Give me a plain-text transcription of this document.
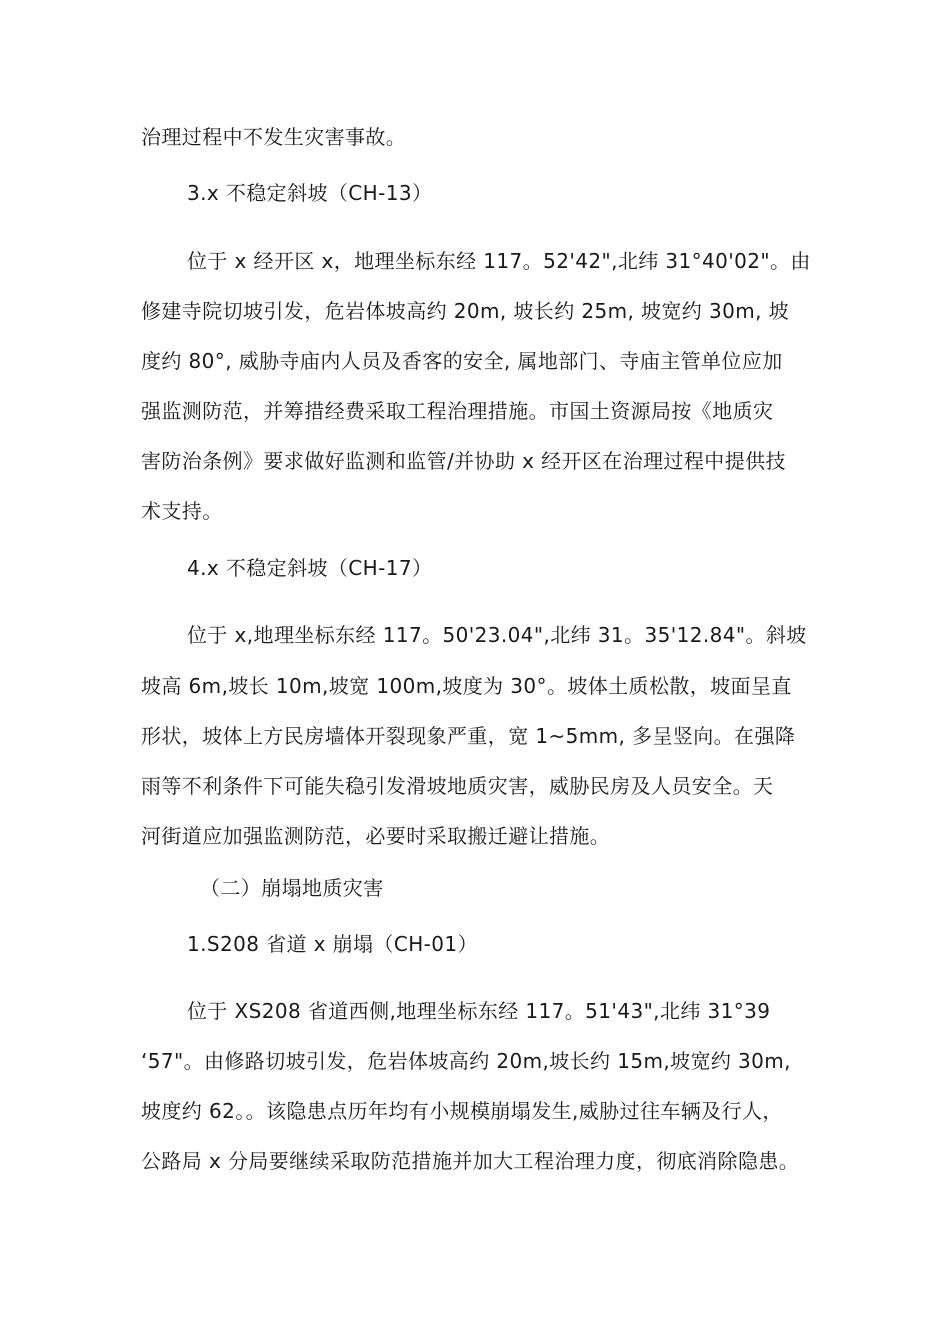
治理过程中不发生灾害事故。
3.x 不稳定斜坡（CH-13）
位于 x 经开区 x，地理坐标东经 117。52'42",北纬 31°40'02"。由
修建寺院切坡引发，危岩体坡高约 20m, 坡长约 25m, 坡宽约 30m, 坡
度约 80°, 威胁寺庙内人员及香客的安全, 属地部门、寺庙主管单位应加
强监测防范，并筹措经费采取工程治理措施。市国土资源局按《地质灾
害防治条例》要求做好监测和监管/并协助 x 经开区在治理过程中提供技
术支持。
4.x 不稳定斜坡（CH-17）
位于 x,地理坐标东经 117。50'23.04",北纬 31。35'12.84"。斜坡
坡高 6m,坡长 10m,坡宽 100m,坡度为 30°。坡体土质松散，坡面呈直
形状，坡体上方民房墙体开裂现象严重，宽 1~5mm, 多呈竖向。在强降
雨等不利条件下可能失稳引发滑坡地质灾害，威胁民房及人员安全。天
河街道应加强监测防范，必要时采取搬迁避让措施。
（二）崩塌地质灾害
1.S208 省道 x 崩塌（CH-01）
位于 XS208 省道西侧,地理坐标东经 117。51'43",北纬 31°39
‘57"。由修路切坡引发，危岩体坡高约 20m,坡长约 15m,坡宽约 30m,
坡度约 62。。该隐患点历年均有小规模崩塌发生,威胁过往车辆及行人，
公路局 x 分局要继续采取防范措施并加大工程治理力度，彻底消除隐患。
